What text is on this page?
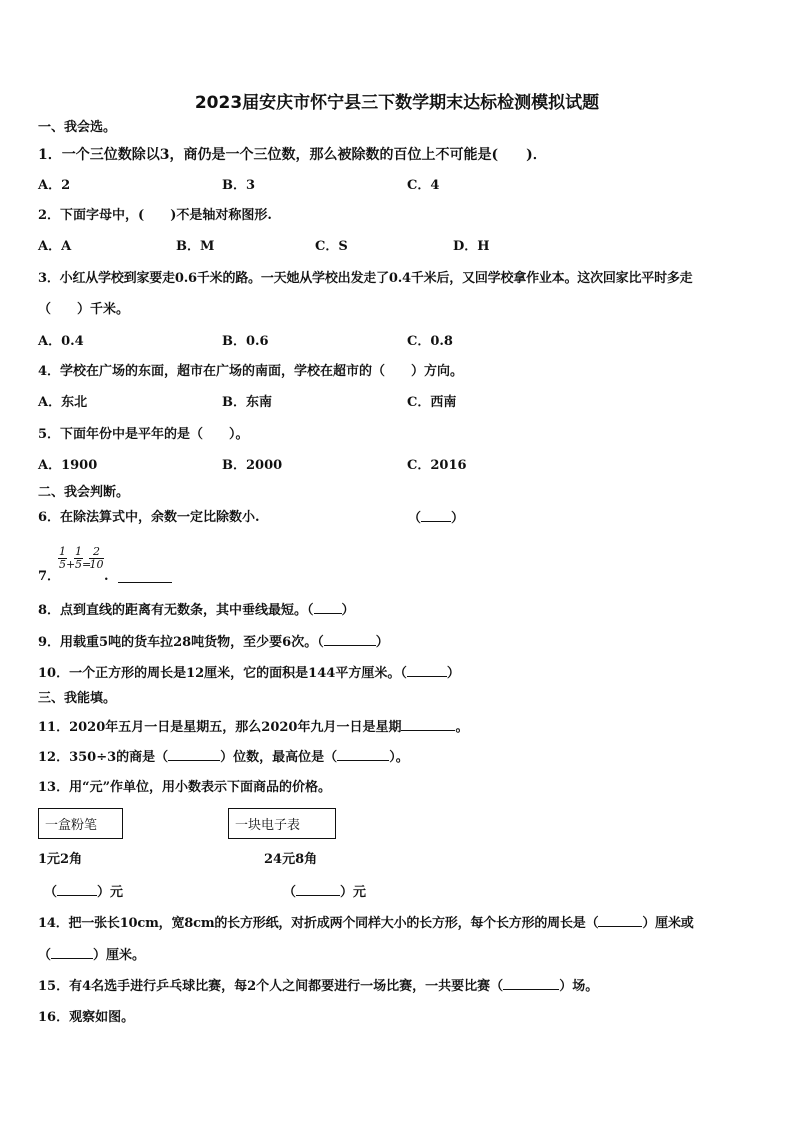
2023届安庆市怀宁县三下数学期末达标检测模拟试题
一、我会选。
1．一个三位数除以3，商仍是一个三位数，那么被除数的百位上不可能是(　　)．
A．2	B．3	C．4
2．下面字母中，(　　)不是轴对称图形.
A．A	B．M	C．S	D．H
3．小红从学校到家要走0.6千米的路。一天她从学校出发走了0.4千米后，又回学校拿作业本。这次回家比平时多走
（　　）千米。
A．0.4	B．0.6	C．0.8
4．学校在广场的东面，超市在广场的南面，学校在超市的（　　）方向。
A．东北	B．东南	C．西南
5．下面年份中是平年的是（　　）。
A．1900	B．2000	C．2016
二、我会判断。
6．在除法算式中，余数一定比除数小.	（ ）
7．
$\frac{1}{5}$ +
$\frac{1}{5}$ =
$\frac{2}{10}$
.
8．点到直线的距离有无数条，其中垂线最短。（ ）
9．用载重5吨的货车拉28吨货物，至少要6次。（	）
10．一个正方形的周长是12厘米，它的面积是144平方厘米。（	）
三、我能填。
11．2020年五月一日是星期五，那么2020年九月一日是星期	。
12．350÷3的商是（	）位数，最高位是（	）。
13．用“元”作单位，用小数表示下面商品的价格。
一盒粉笔	一块电子表
1元2角	24元8角
（	）元	（	）元
14．把一张长10cm，宽8cm的长方形纸，对折成两个同样大小的长方形，每个长方形的周长是（	）厘米或
（	）厘米。
15．有4名选手进行乒乓球比赛，每2个人之间都要进行一场比赛，一共要比赛（	）场。
16．观察如图。
